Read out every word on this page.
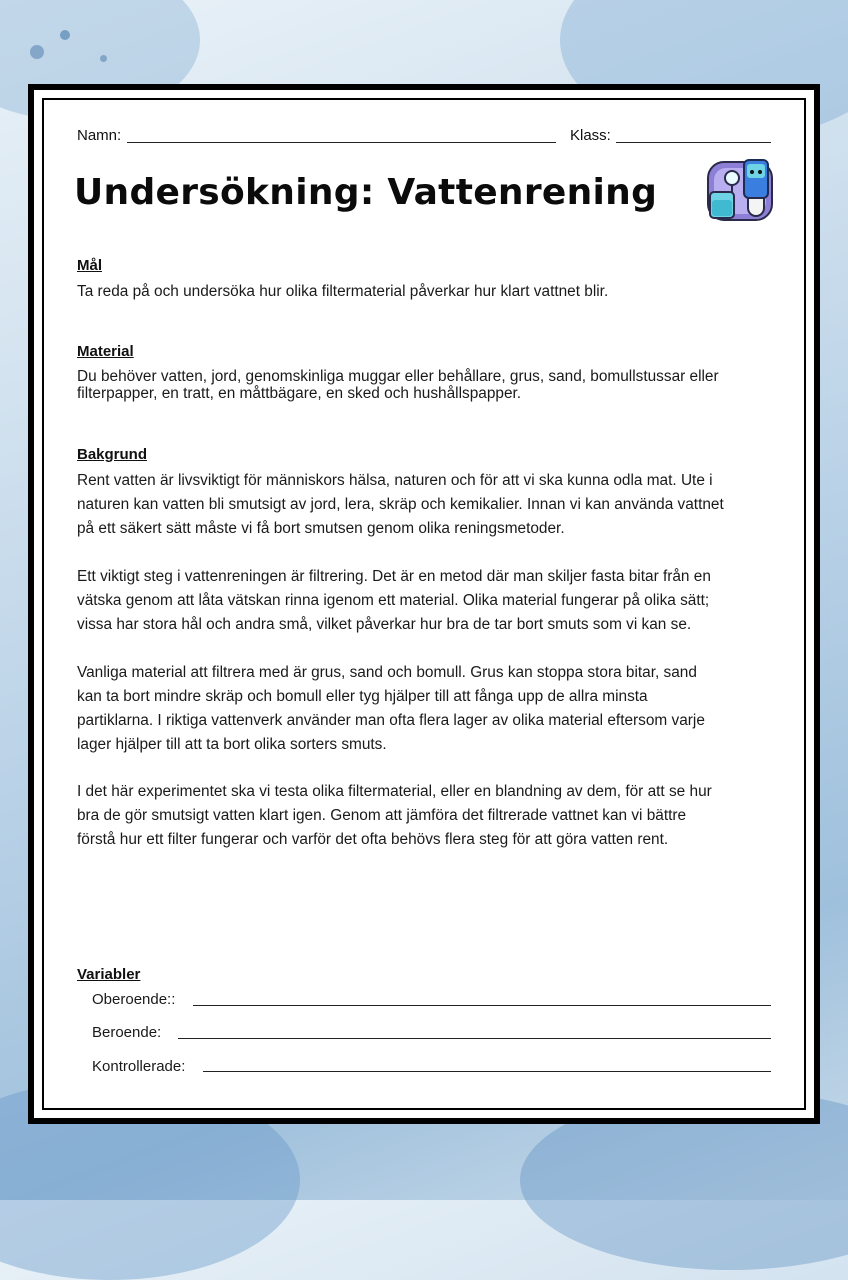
Namn:	Klass:
Undersökning: Vattenrening
Mål
Ta reda på och undersöka hur olika filtermaterial påverkar hur klart vattnet blir.
Material
Du behöver vatten, jord, genomskinliga muggar eller behållare, grus, sand, bomullstussar eller
filterpapper, en tratt, en måttbägare, en sked och hushållspapper.
Bakgrund
Rent vatten är livsviktigt för människors hälsa, naturen och för att vi ska kunna odla mat. Ute i
naturen kan vatten bli smutsigt av jord, lera, skräp och kemikalier. Innan vi kan använda vattnet
på ett säkert sätt måste vi få bort smutsen genom olika reningsmetoder.
Ett viktigt steg i vattenreningen är filtrering. Det är en metod där man skiljer fasta bitar från en
vätska genom att låta vätskan rinna igenom ett material. Olika material fungerar på olika sätt;
vissa har stora hål och andra små, vilket påverkar hur bra de tar bort smuts som vi kan se.
Vanliga material att filtrera med är grus, sand och bomull. Grus kan stoppa stora bitar, sand
kan ta bort mindre skräp och bomull eller tyg hjälper till att fånga upp de allra minsta
partiklarna. I riktiga vattenverk använder man ofta flera lager av olika material eftersom varje
lager hjälper till att ta bort olika sorters smuts.
I det här experimentet ska vi testa olika filtermaterial, eller en blandning av dem, för att se hur
bra de gör smutsigt vatten klart igen. Genom att jämföra det filtrerade vattnet kan vi bättre
förstå hur ett filter fungerar och varför det ofta behövs flera steg för att göra vatten rent.
Variabler
Oberoende::
Beroende:
Kontrollerade:
